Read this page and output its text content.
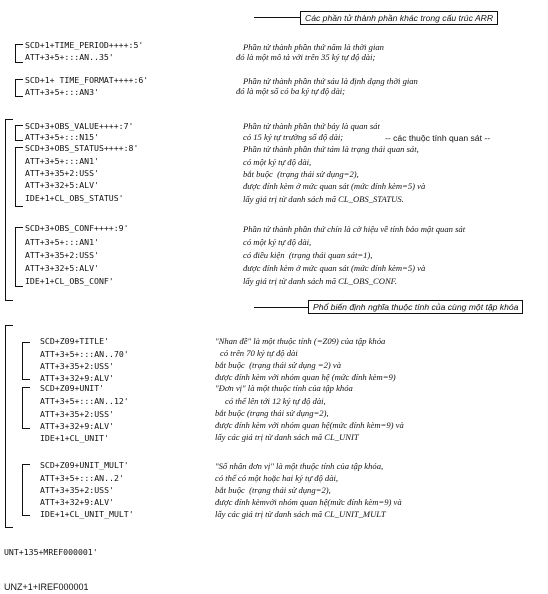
Các phần tử thành phần khác trong cấu trúc ARR
SCD+1+TIME_PERIOD++++:5'
ATT+3+5+:::AN..35'
Phần tử thành phần thứ năm là thời gian
đó là một mô tả với trên 35 ký tự độ dài;
SCD+1+ TIME_FORMAT++++:6'
ATT+3+5+:::AN3'
Phần tử thành phần thứ sáu là định dạng thời gian
đó là một số có ba ký tự độ dài;
SCD+3+OBS_VALUE++++:7'
ATT+3+5+:::N15'
Phần tử thành phần thứ bảy là quan sát
có 15 ký tự trường số độ dài;	-- các thuộc tính quan sát --
SCD+3+OBS_STATUS++++:8'
ATT+3+5+:::AN1'
ATT+3+35+2:USS'
ATT+3+32+5:ALV'
IDE+1+CL_OBS_STATUS'
Phần tử thành phần thứ tám là trạng thái quan sát,
có một ký tự độ dài,
bắt buộc  (trạng thái sử dụng=2),
được đính kèm ở mức quan sát (mức đính kèm=5) và
lấy giá trị từ danh sách mã CL_OBS_STATUS.
SCD+3+OBS_CONF++++:9'
ATT+3+5+:::AN1'
ATT+3+35+2:USS'
ATT+3+32+5:ALV'
IDE+1+CL_OBS_CONF'
Phần tử thành phần thứ chín là cờ hiệu về tính bảo mật quan sát
có một ký tự độ dài,
có điều kiện  (trạng thái quan sát=1),
được đính kèm ở mức quan sát (mức đính kèm=5) và
lấy giá trị từ danh sách mã CL_OBS_CONF.
Phổ biến định nghĩa thuộc tính của cùng một tập khóa
SCD+Z09+TITLE'
ATT+3+5+:::AN..70'
ATT+3+35+2:USS'
ATT+3+32+9:ALV'
"Nhan đề" là một thuộc tính (=Z09) của tập khóa
có trên 70 ký tự độ dài
bắt buộc  (trạng thái sử dụng =2) và
được đính kèm với nhóm quan hệ (mức đính kèm=9)
SCD+Z09+UNIT'
ATT+3+5+:::AN..12'
ATT+3+35+2:USS'
ATT+3+32+9:ALV'
IDE+1+CL_UNIT'
"Đơn vị" là một thuộc tính của tập khóa
có thể lên tới 12 ký tự độ dài,
bắt buộc (trạng thái sử dụng=2),
được đính kèm với nhóm quan hệ(mức đính kèm=9) và
lấy các giá trị từ danh sách mã CL_UNIT
SCD+Z09+UNIT_MULT'
ATT+3+5+:::AN..2'
ATT+3+35+2:USS'
ATT+3+32+9:ALV'
IDE+1+CL_UNIT_MULT'
"Số nhân đơn vị" là một thuộc tính của tập khóa,
có thể có một hoặc hai ký tự độ dài,
bắt buộc  (trạng thái sử dụng=2),
được đính kèmvới nhóm quan hệ(mức đính kèm=9) và
lấy các giá trị từ danh sách mã CL_UNIT_MULT
UNT+135+MREF000001'
UNZ+1+IREF000001
